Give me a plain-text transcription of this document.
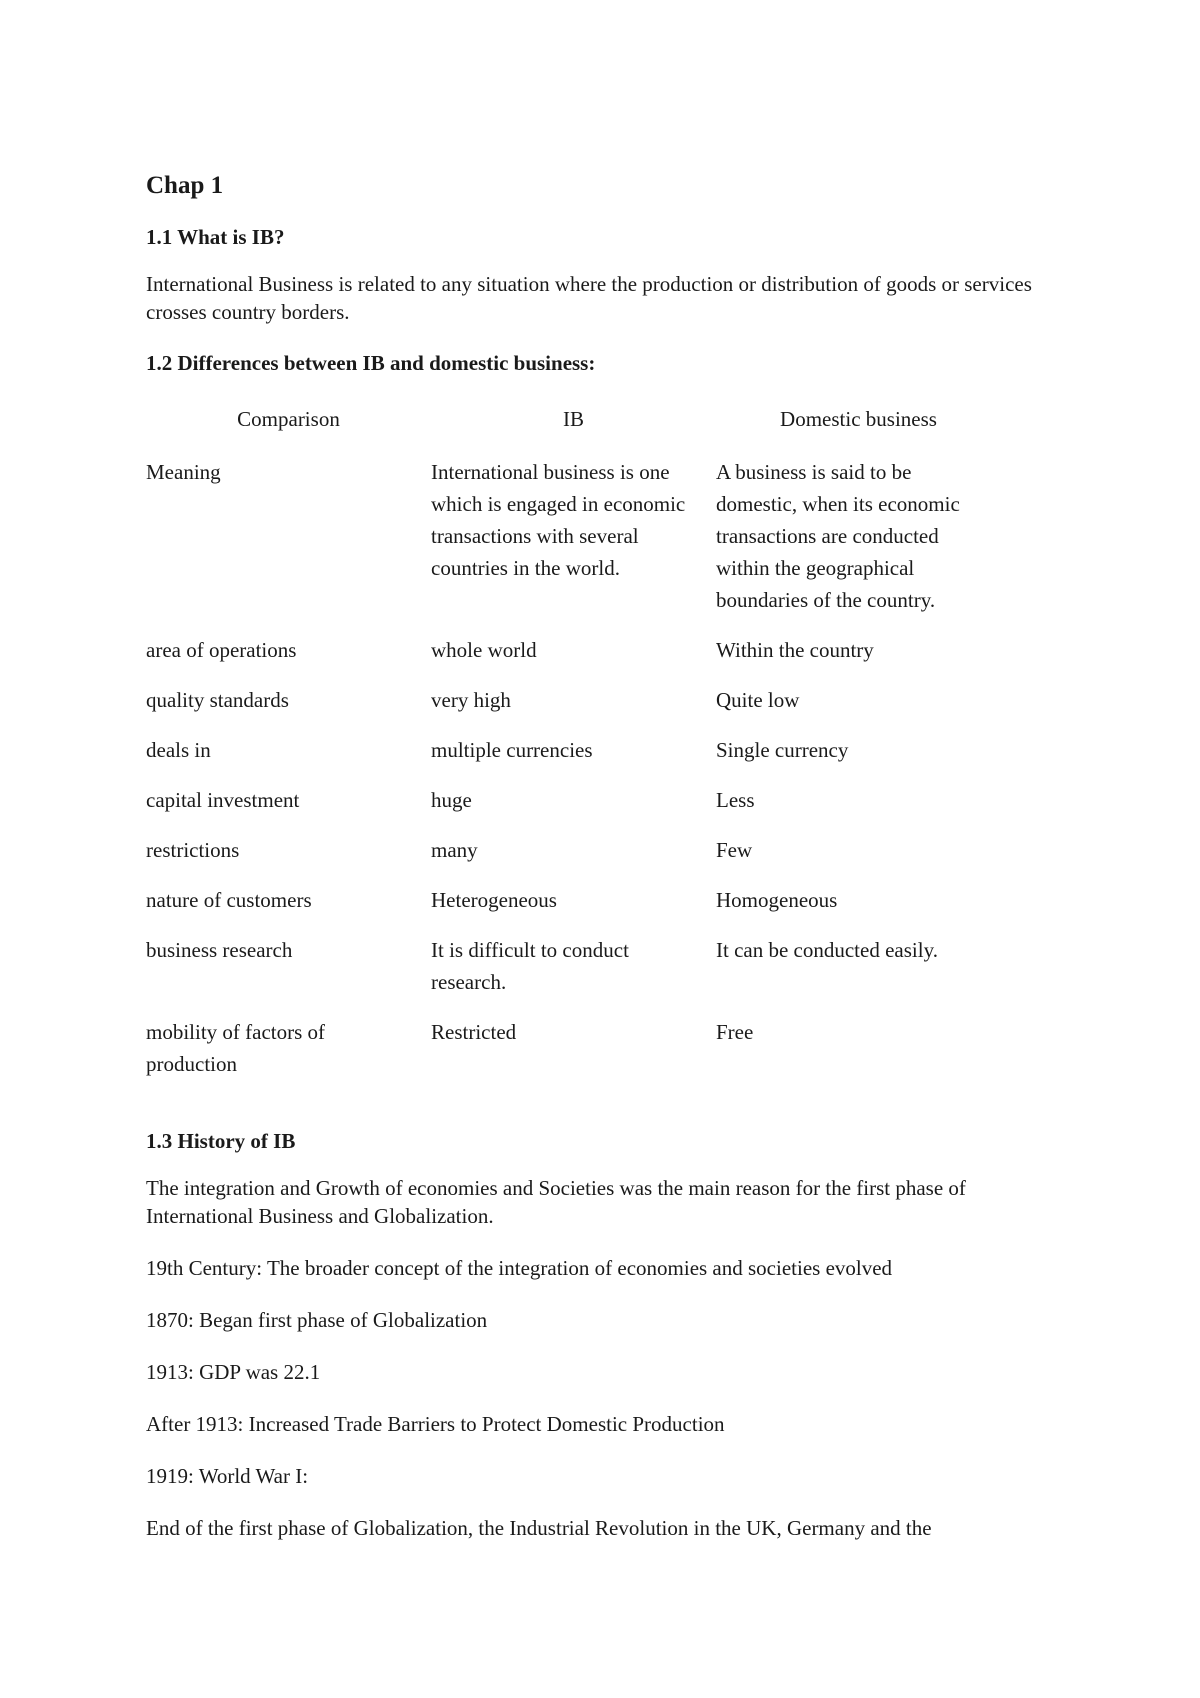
Chap 1
1.1 What is IB?

International Business is related to any situation where the production or distribution of goods or services crosses country borders.

1.2 Differences between IB and domestic business:
Comparison	IB	Domestic business

Meaning	International business is one which is engaged in economic transactions with several countries in the world.	A business is said to be domestic, when its economic transactions are conducted within the geographical boundaries of the country.

area of operations	whole world	Within the country

quality standards	very high	Quite low

deals in	multiple currencies	Single currency

capital investment	huge	Less

restrictions	many	Few

nature of customers	Heterogeneous	Homogeneous

business research	It is difficult to conduct research.	It can be conducted easily.

mobility of factors of production	Restricted	Free
1.3 History of IB

The integration and Growth of economies and Societies was the main reason for the first phase of International Business and Globalization.

19th Century: The broader concept of the integration of economies and societies evolved

1870: Began first phase of Globalization

1913: GDP was 22.1

After 1913: Increased Trade Barriers to Protect Domestic Production

1919: World War I:

End of the first phase of Globalization, the Industrial Revolution in the UK, Germany and the
